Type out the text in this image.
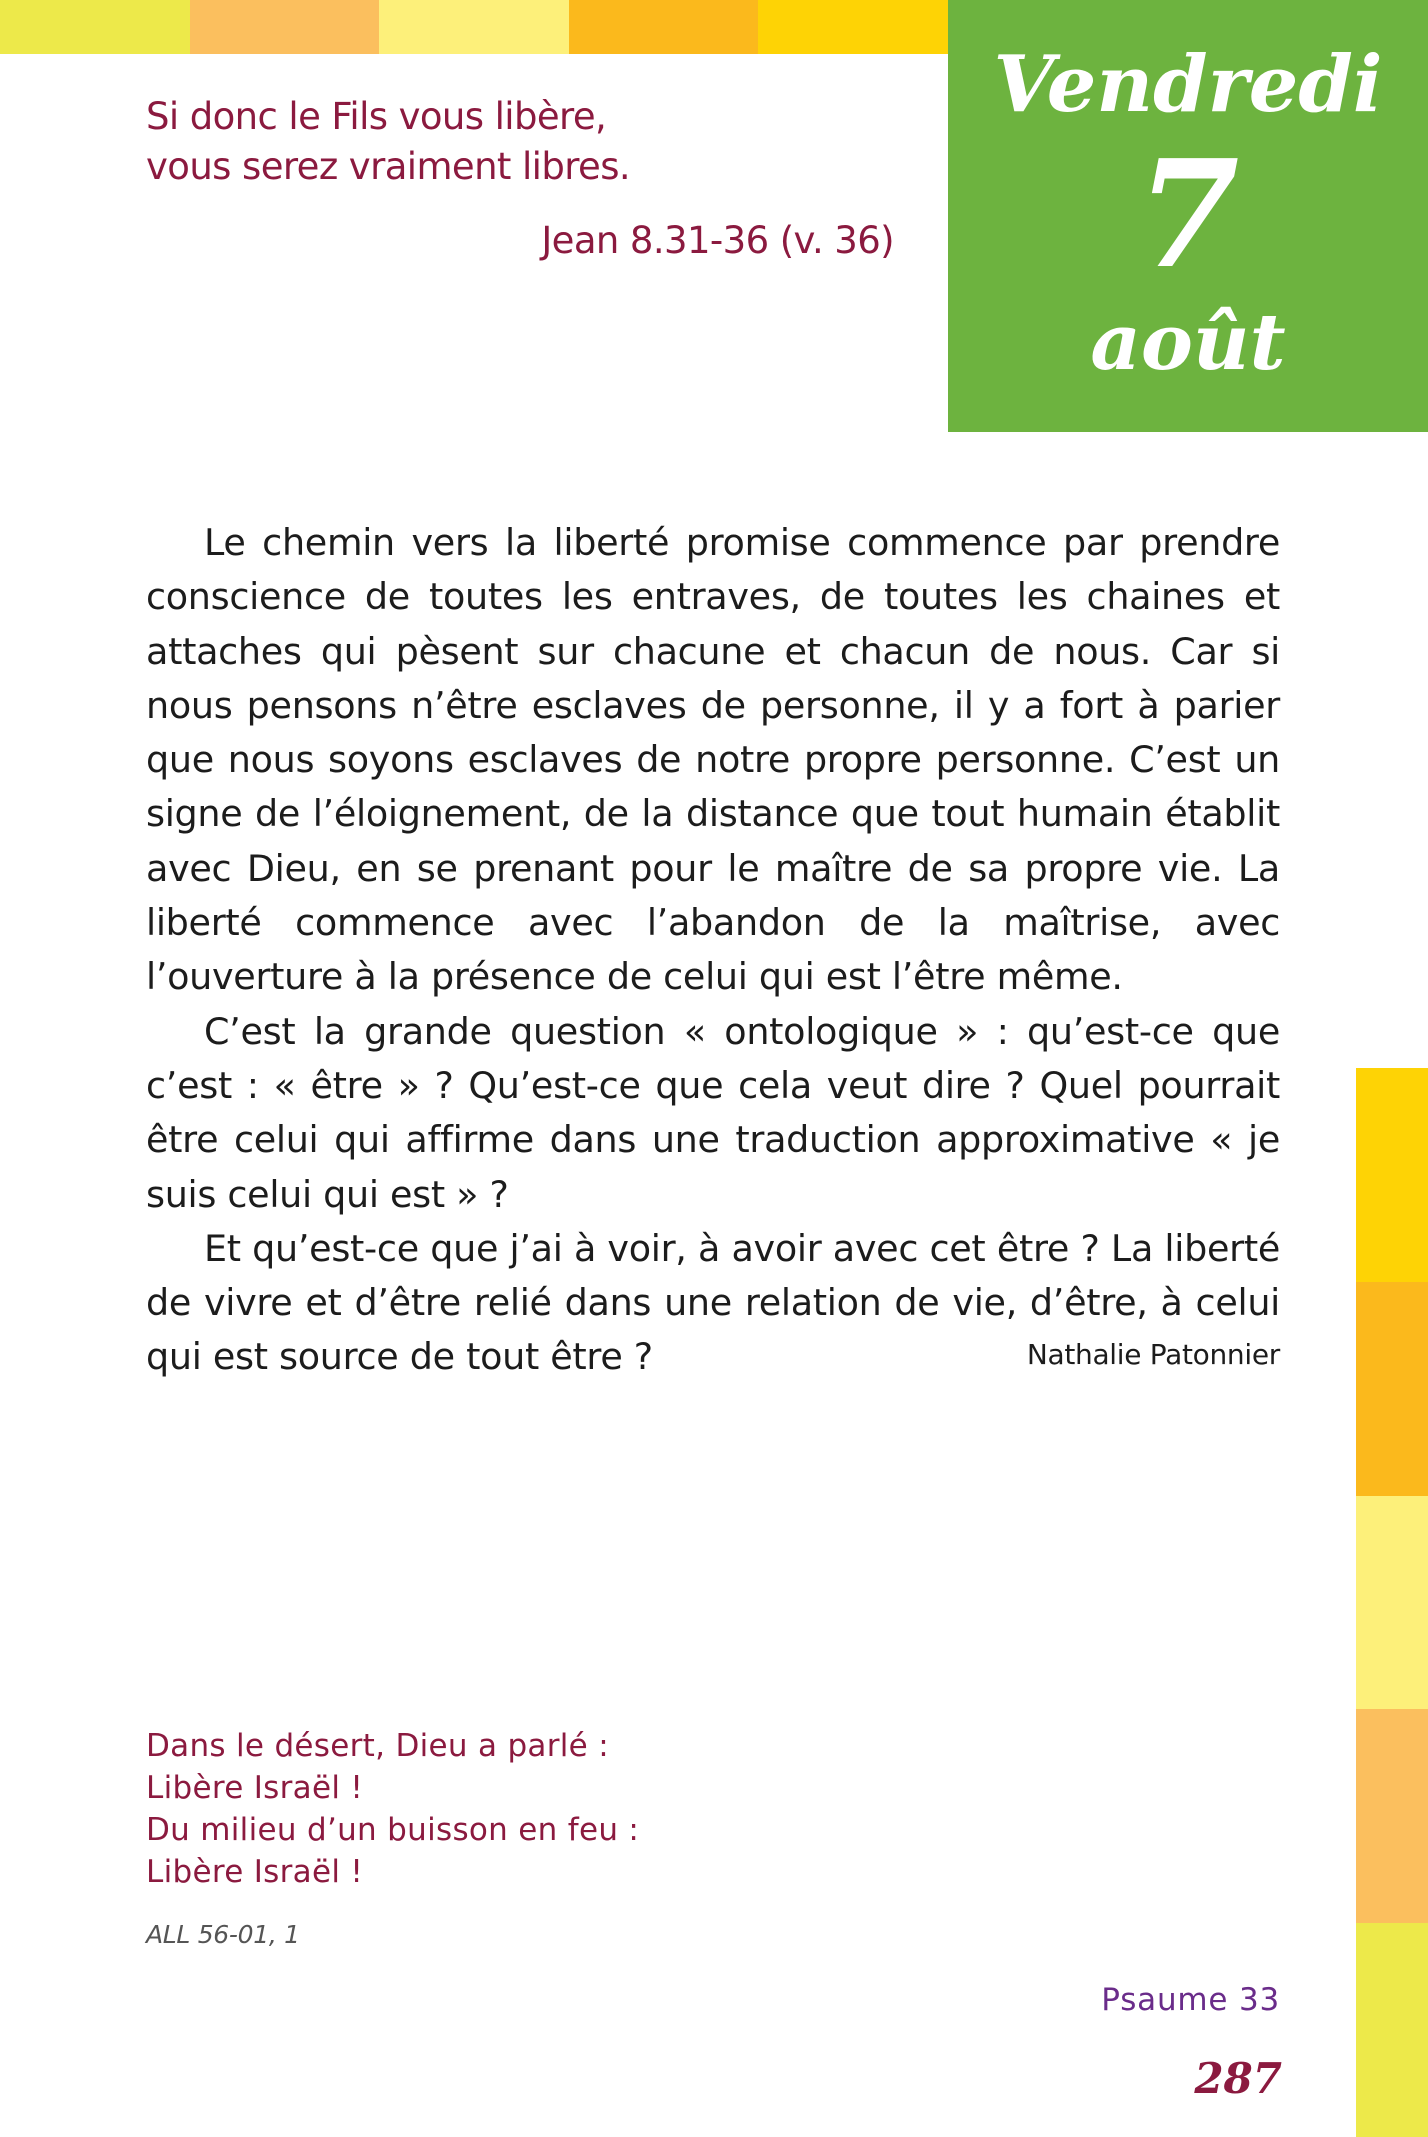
Vendredi
7
août

Si donc le Fils vous libère,

vous serez vraiment libres.

Jean 8.31-36 (v. 36)

Le chemin vers la liberté promise commence par prendre conscience de toutes les entraves, de toutes les chaines et attaches qui pèsent sur chacune et chacun de nous. Car si nous pensons n’être esclaves de personne, il y a fort à parier que nous soyons esclaves de notre propre personne. C’est un signe de l’éloignement, de la distance que tout humain établit avec Dieu, en se prenant pour le maître de sa propre vie. La liberté commence avec l’abandon de la maîtrise, avec l’ouverture à la présence de celui qui est l’être même.

C’est la grande question « ontologique » : qu’est-ce que c’est : « être » ? Qu’est-ce que cela veut dire ? Quel pourrait être celui qui affirme dans une traduction approximative « je suis celui qui est » ?

Et qu’est-ce que j’ai à voir, à avoir avec cet être ? La liberté de vivre et d’être relié dans une relation de vie, d’être, à celui qui est source de tout être ?	Nathalie Patonnier
Dans le désert, Dieu a parlé :
Libère Israël !
Du milieu d’un buisson en feu :
Libère Israël !
ALL 56-01, 1
Psaume 33
287
